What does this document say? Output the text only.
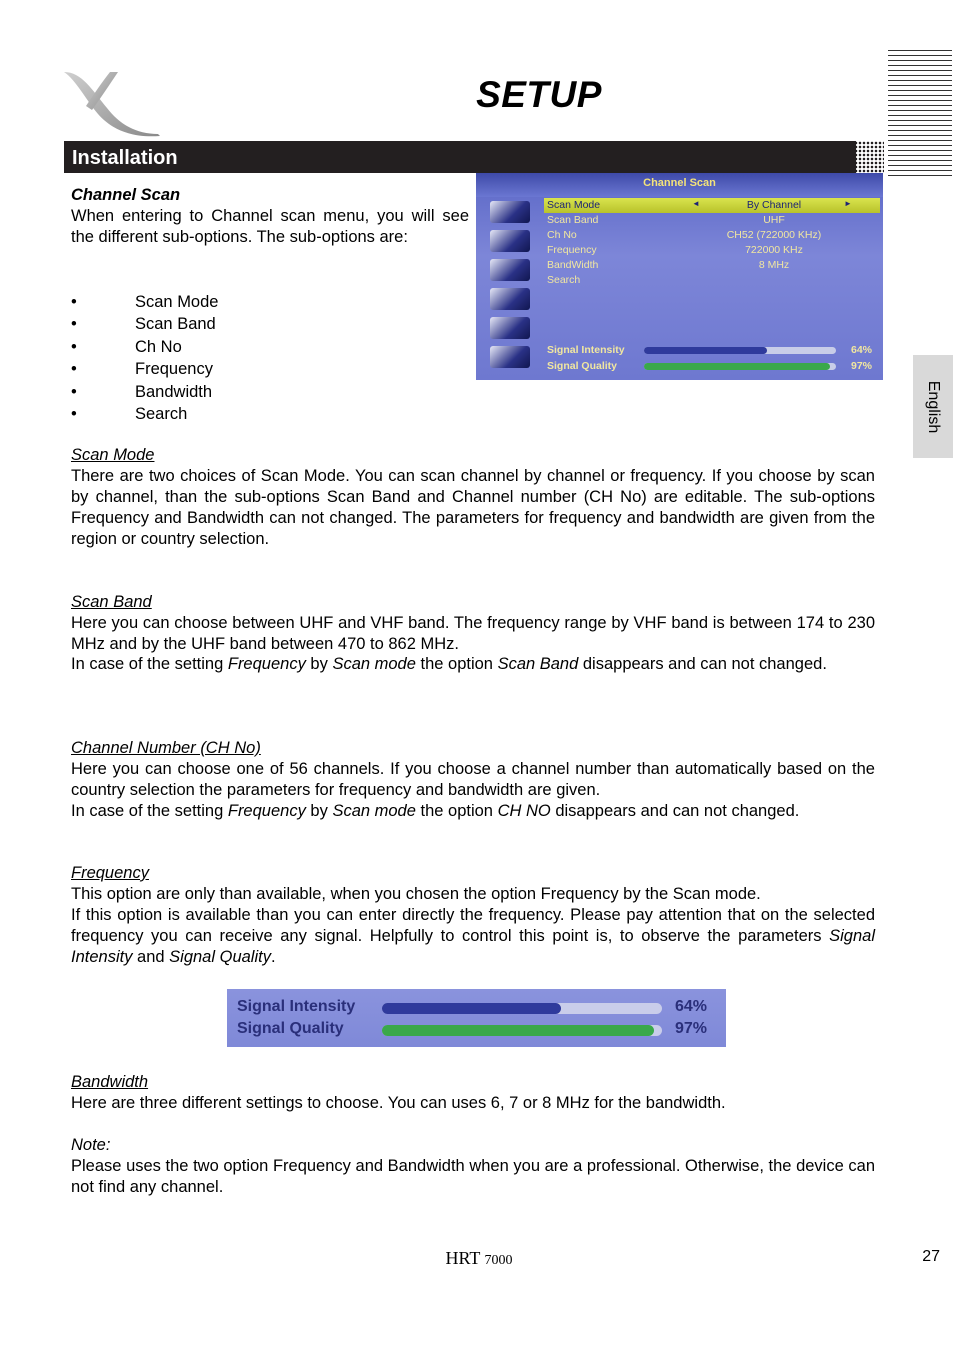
SETUP
Installation
English
Channel Scan
When entering to Channel scan menu, you will see the different sub-options. The sub-options are:
• Scan Mode
• Scan Band
• Ch No
• Frequency
• Bandwidth
• Search
Channel Scan
Scan Mode	◄	By Channel	►
Scan Band	UHF
Ch No	CH52 (722000 KHz)
Frequency	722000 KHz
BandWidth	8 MHz
Search
Signal Intensity	64%
Signal Quality	97%
Scan Mode
There are two choices of Scan Mode. You can scan channel by channel or frequency. If you choose by scan by channel, than the sub-options Scan Band and Channel number (CH No) are editable. The sub-options Frequency and Bandwidth can not changed. The parameters for frequency and bandwidth are given from the region or country selection.
Scan Band
Here you can choose between UHF and VHF band. The frequency range by VHF band is between 174 to 230 MHz and by the UHF band between 470 to 862 MHz.
In case of the setting Frequency by Scan mode the option Scan Band disappears and can not changed.
Channel Number (CH No)
Here you can choose one of 56 channels. If you choose a channel number than automatically based on the country selection the parameters for frequency and bandwidth are given.
In case of the setting Frequency by Scan mode the option CH NO disappears and can not changed.
Frequency
This option are only than available, when you chosen the option Frequency by the Scan mode.
If this option is available than you can enter directly the frequency. Please pay attention that on the selected frequency you can receive any signal. Helpfully to control this point is, to observe the parameters Signal Intensity and Signal Quality.
Signal Intensity	64%
Signal Quality	97%
Bandwidth
Here are three different settings to choose. You can uses 6, 7 or 8 MHz for the bandwidth.
Note:
Please uses the two option Frequency and Bandwidth when you are a professional. Otherwise, the device can not find any channel.
HRT 7000	27
